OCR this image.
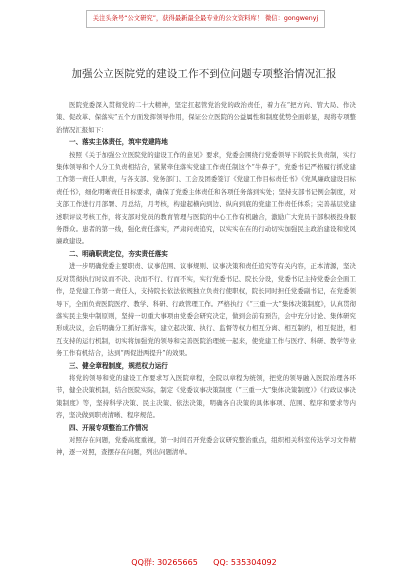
关注头条号“公文研究”，获得最新最全最专业的公文资料库！ 微信：gongwenyj
加强公立医院党的建设工作不到位问题专项整治情况汇报

医院党委深入贯彻党的二十大精神，坚定扛起管党治党的政治责任，着力在“把方向、管大局、作决策、促改革、保落实”五个方面发挥领导作用，保证公立医院的公益属性和制度优势全面彰显，现将专项整治情况汇报如下：

一、落实主体责任，筑牢党建阵地

按照《关于加强公立医院党的建设工作的意见》要求，党委会围绕行党委领导下的院长负责制，实行集体领导和个人分工负责相结合，紧紧牵住落实党建工作责任制这个“牛鼻子”，党委书记严格履行抓党建工作第一责任人职责，与各支部、党务部门、工会及团委签订《党建工作目标责任书》《党风廉政建设目标责任书》，细化明晰责任目标要求，确保了党委主体责任和各项任务落到实处；坚持支部书记例会制度，对支部工作进行月部署、月总结，月考核，构建起横向到边、纵向到底的党建工作责任体系；完善基层党建述职评议考核工作，将支部对党员的教育管理与医院的中心工作有机融合，激励广大党员干部积极投身服务群众。患者的第一线，强化责任落实，严肃问责追究，以实实在在的行动切实加强民主政治建设和党风廉政建设。

二、明确职责定位，夯实责任落实

进一步明确党委主要职责、议事范围、议事规则、议事决策和责任追究等有关内容，正本清源，坚决反对贯彻执行时议而不决、决而不行、行而不实，实行党委书记、院长分设，党委书记主持党委会全面工作，是党建工作第一责任人，支持院长依法依规独立负责行使职权，院长同时担任党委副书记，在党委领导下，全面负责医院医疗、教学、科研、行政管理工作。严格执行《“三重一大”集体决策制度》，认真贯彻落实民主集中制原则，坚持一切重大事项由党委会研究决定，做到会前有预告，会中充分讨论、集体研究形成决议，会后明确分工抓好落实，建立起决策、执行、监督等权力相互分离、相互制约，相互促进，相互支持的运行机制，切实将加强党的领导和完善医院治理统一起来，使党建工作与医疗、科研、教学等业务工作有机结合，达到“两促进两提升”的效果。

三、健全章程制度，规范权力运行

将党的领导和党的建设工作要求写入医院章程，全院以章程为统领，把党的领导融入医院治理各环节，健全决策机制，结合医院实际，制定《党委议事决策制度（“三重一大”集体决策制度）》《行政议事决策制度》等，坚持科学决策、民主决策、依法决策，明确各自决策的具体事项、范围、程序和要求等内容，坚决做到职责清晰、程序规范。

四、开展专项整治工作情况

对照存在问题，党委高度重视，第一时间召开党委会议研究整治重点，组织相关科室传达学习文件精神，逐一对照，查摆存在问题，列出问题清单。

QQ群: 30265665      QQ: 535304092
